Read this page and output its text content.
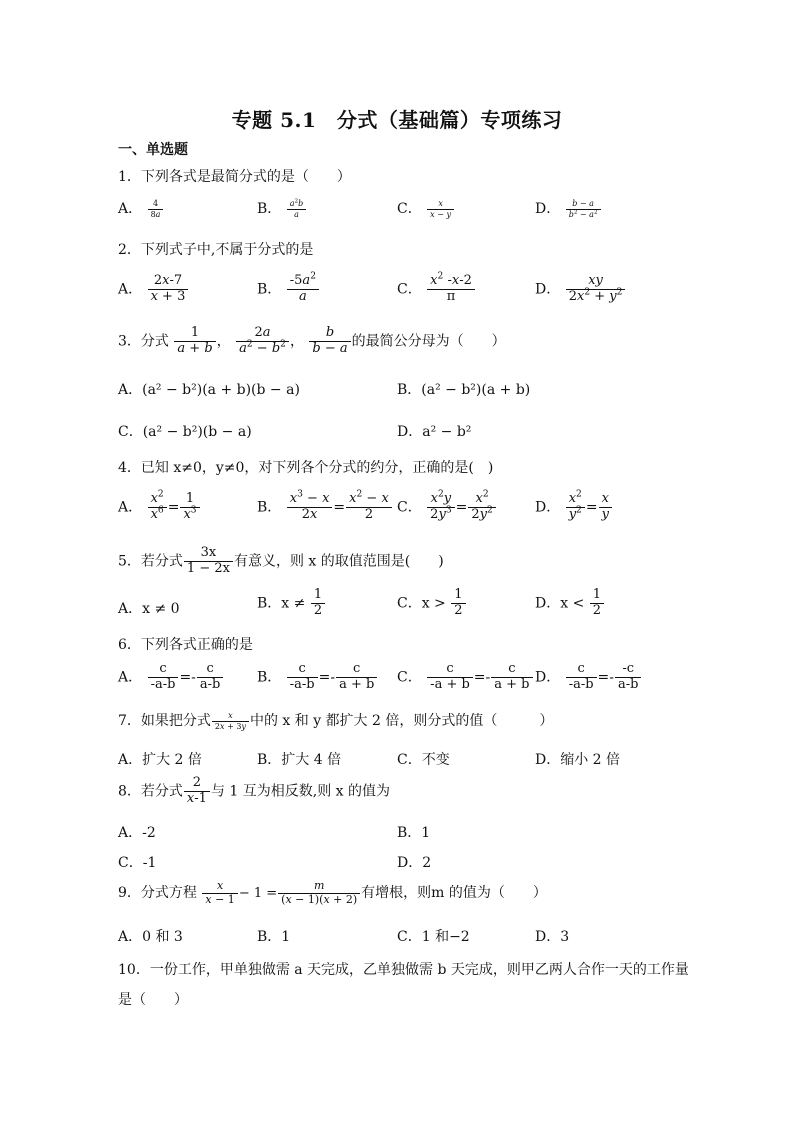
专题 5.1　分式（基础篇）专项练习
一、单选题
1．下列各式是最简分式的是（　　）
A． $\frac{4}{8a}$	B． $\frac{a^2b}{a}$	C． $\frac{x}{x - y}$	D． $\frac{b - a}{b^2 - a^2}$
2．下列式子中,不属于分式的是
A． $\frac{2x-7}{x + 3}$	B． $\frac{-5a^2}{a}$	C． $\frac{x^2 -x-2}{\pi}$	D． $\frac{xy}{2x^2 + y^2}$
3．分式 $\frac{1}{a + b}$ ， $\frac{2a}{a^2 - b^2}$ ， $\frac{b}{b - a}$ 的最简公分母为（　　）
A．(a² − b²)(a + b)(b − a)	B．(a² − b²)(a + b)
C．(a² − b²)(b − a)	D．a² − b²
4．已知 x≠0，y≠0，对下列各个分式的约分，正确的是(　)
A． $\frac{x^2}{x^6} = \frac{1}{x^3}$	B． $\frac{x^3 - x}{2x} = \frac{x^2 - x}{2}$ C． $\frac{x^2y}{2y^3} = \frac{x^2}{2y^2}$	D． $\frac{x^2}{y^2} = \frac{x}{y}$
5．若分式 $\frac{3x}{1 - 2x}$ 有意义，则 x 的取值范围是(　　)
A．x ≠ 0	B．$x \ne \frac{1}{2}$	C．$x > \frac{1}{2}$	D．$x < \frac{1}{2}$
6．下列各式正确的是
A． $\frac{c}{-a-b} =- \frac{c}{a-b}$ B． $\frac{c}{-a-b} =- \frac{c}{a + b}$ C． $\frac{c}{-a + b} =- \frac{c}{a + b}$ D． $\frac{c}{-a-b} =- \frac{-c}{a-b}$
7．如果把分式 $\frac{x}{2x + 3y}$ 中的 x 和 y 都扩大 2 倍，则分式的值（　　　）
A．扩大 2 倍	B．扩大 4 倍	C．不变	D．缩小 2 倍
8．若分式 $\frac{2}{x-1}$ 与 1 互为相反数,则 x 的值为
A．-2	B．1
C．-1	D．2
9．分式方程 $\frac{x}{x - 1} - 1 = \frac{m}{(x - 1)(x + 2)}$ 有增根，则m 的值为（　　）
A．0 和 3	B．1	C．1 和−2	D．3
10．一份工作，甲单独做需 a 天完成，乙单独做需 b 天完成，则甲乙两人合作一天的工作量
是（　　）
